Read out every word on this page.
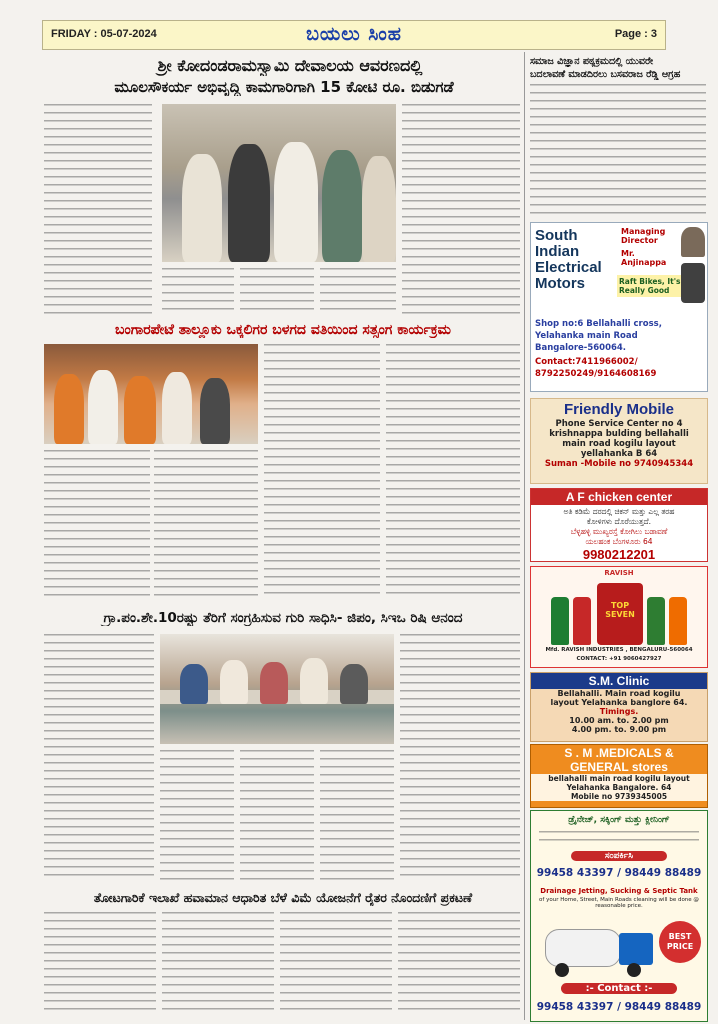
FRIDAY : 05-07-2024	ಬಯಲು ಸಿಂಹ	Page : 3
ಶ್ರೀ ಕೋದಂಡರಾಮಸ್ವಾಮಿ ದೇವಾಲಯ ಆವರಣದಲ್ಲಿ
ಮೂಲಸೌಕರ್ಯ ಅಭಿವೃದ್ಧಿ ಕಾಮಗಾರಿಗಾಗಿ 15 ಕೋಟಿ ರೂ. ಬಿಡುಗಡೆ
ಬಂಗಾರಪೇಟೆ ತಾಲ್ಲೂಕು ಒಕ್ಕಲಿಗರ ಬಳಗದ ವತಿಯಿಂದ ಸತ್ಸಂಗ ಕಾರ್ಯಕ್ರಮ
ಗ್ರಾ.ಪಂ.ಶೇ.10ರಷ್ಟು ತೆರಿಗೆ ಸಂಗ್ರಹಿಸುವ ಗುರಿ ಸಾಧಿಸಿ- ಜಿಪಂ, ಸಿಇಒ ರಿಷಿ ಆನಂದ
ತೋಟಗಾರಿಕೆ ಇಲಾಖೆ ಹವಾಮಾನ ಆಧಾರಿತ ಬೆಳೆ ವಿಮೆ ಯೋಜನೆಗೆ ರೈತರ ನೊಂದಣಿಗೆ ಪ್ರಕಟಣೆ
ಸಮಾಜ ವಿಜ್ಞಾನ ಪಠ್ಯಕ್ರಮದಲ್ಲಿ ಯುವರೇ
ಬದಲಾವಣೆ ಮಾಡದಿರಲು ಬಸವರಾಜ ರೆಡ್ಡಿ ಆಗ್ರಹ
South
Indian
Electrical
Motors
Managing Director
Mr. Anjinappa
Raft Bikes, It's Really Good
Shop no:6 Bellahalli cross,
Yelahanka main Road
Bangalore-560064.
Contact:7411966002/
8792250249/9164608169
Friendly Mobile
Phone Service Center no 4
krishnappa bulding bellahalli
main road kogilu layout
yellahanka B 64
Suman -Mobile no 9740945344
A F chicken center
ಅತಿ ಕಡಿಮೆ ದರದಲ್ಲಿ ಚಿಕನ್ ಮತ್ತು ಎಲ್ಲ ತರಹ
ಕೋಳಿಗಳು ದೊರೆಯುತ್ತದೆ.
ಬೆಳ್ಳಹಳ್ಳಿ ಮುಖ್ಯರಸ್ತೆ ಕೋಗಿಲು ಬಡಾವಣೆ
ಯಲಹಂಕ ಬೆಂಗಳೂರು 64
9980212201
RAVISH
TOP SEVEN
Mfd. RAVISH INDUSTRIES , BENGALURU-560064
CONTACT: +91 9060427927
S.M. Clinic
Bellahalli. Main road kogilu
layout Yelahanka banglore 64.
Timings.
10.00 am. to. 2.00 pm
4.00 pm. to. 9.00 pm
S . M .MEDICALS &
GENERAL stores
bellahalli main road kogilu layout
Yelahanka Bangalore. 64
Mobile no 9739345005
ಡ್ರೈನೇಜ್, ಸಕ್ಕಿಂಗ್ ಮತ್ತು ಕ್ಲೀನಿಂಗ್
ಸಂಪರ್ಕಿಸಿ
99458 43397 / 98449 88489
Drainage Jetting, Sucking & Septic Tank
of your Home, Street, Main Roads cleaning will be done @ reasonable price.
BEST
PRICE
:- Contact :-
99458 43397 / 98449 88489
